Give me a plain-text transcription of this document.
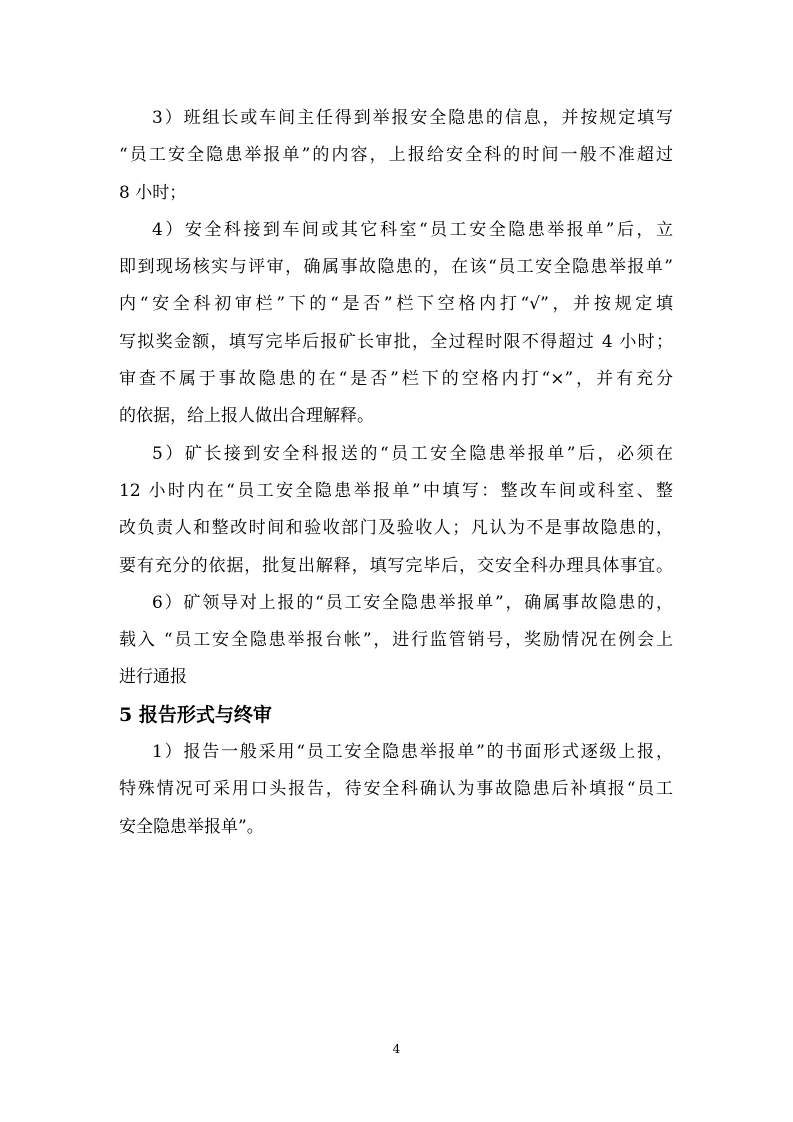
3）班组长或车间主任得到举报安全隐患的信息，并按规定填写
“员工安全隐患举报单”的内容，上报给安全科的时间一般不准超过
8 小时；
4）安全科接到车间或其它科室“员工安全隐患举报单”后，立
即到现场核实与评审，确属事故隐患的，在该“员工安全隐患举报单”
内“安全科初审栏”下的“是否”栏下空格内打“√”，并按规定填
写拟奖金额，填写完毕后报矿长审批，全过程时限不得超过 4 小时；
审查不属于事故隐患的在“是否”栏下的空格内打“×”，并有充分
的依据，给上报人做出合理解释。
5）矿长接到安全科报送的“员工安全隐患举报单”后，必须在
12 小时内在“员工安全隐患举报单”中填写：整改车间或科室、整
改负责人和整改时间和验收部门及验收人；凡认为不是事故隐患的，
要有充分的依据，批复出解释，填写完毕后，交安全科办理具体事宜。
6）矿领导对上报的“员工安全隐患举报单”，确属事故隐患的，
载入 “员工安全隐患举报台帐”，进行监管销号，奖励情况在例会上
进行通报
5 报告形式与终审
1）报告一般采用“员工安全隐患举报单”的书面形式逐级上报，
特殊情况可采用口头报告，待安全科确认为事故隐患后补填报“员工
安全隐患举报单”。
4
